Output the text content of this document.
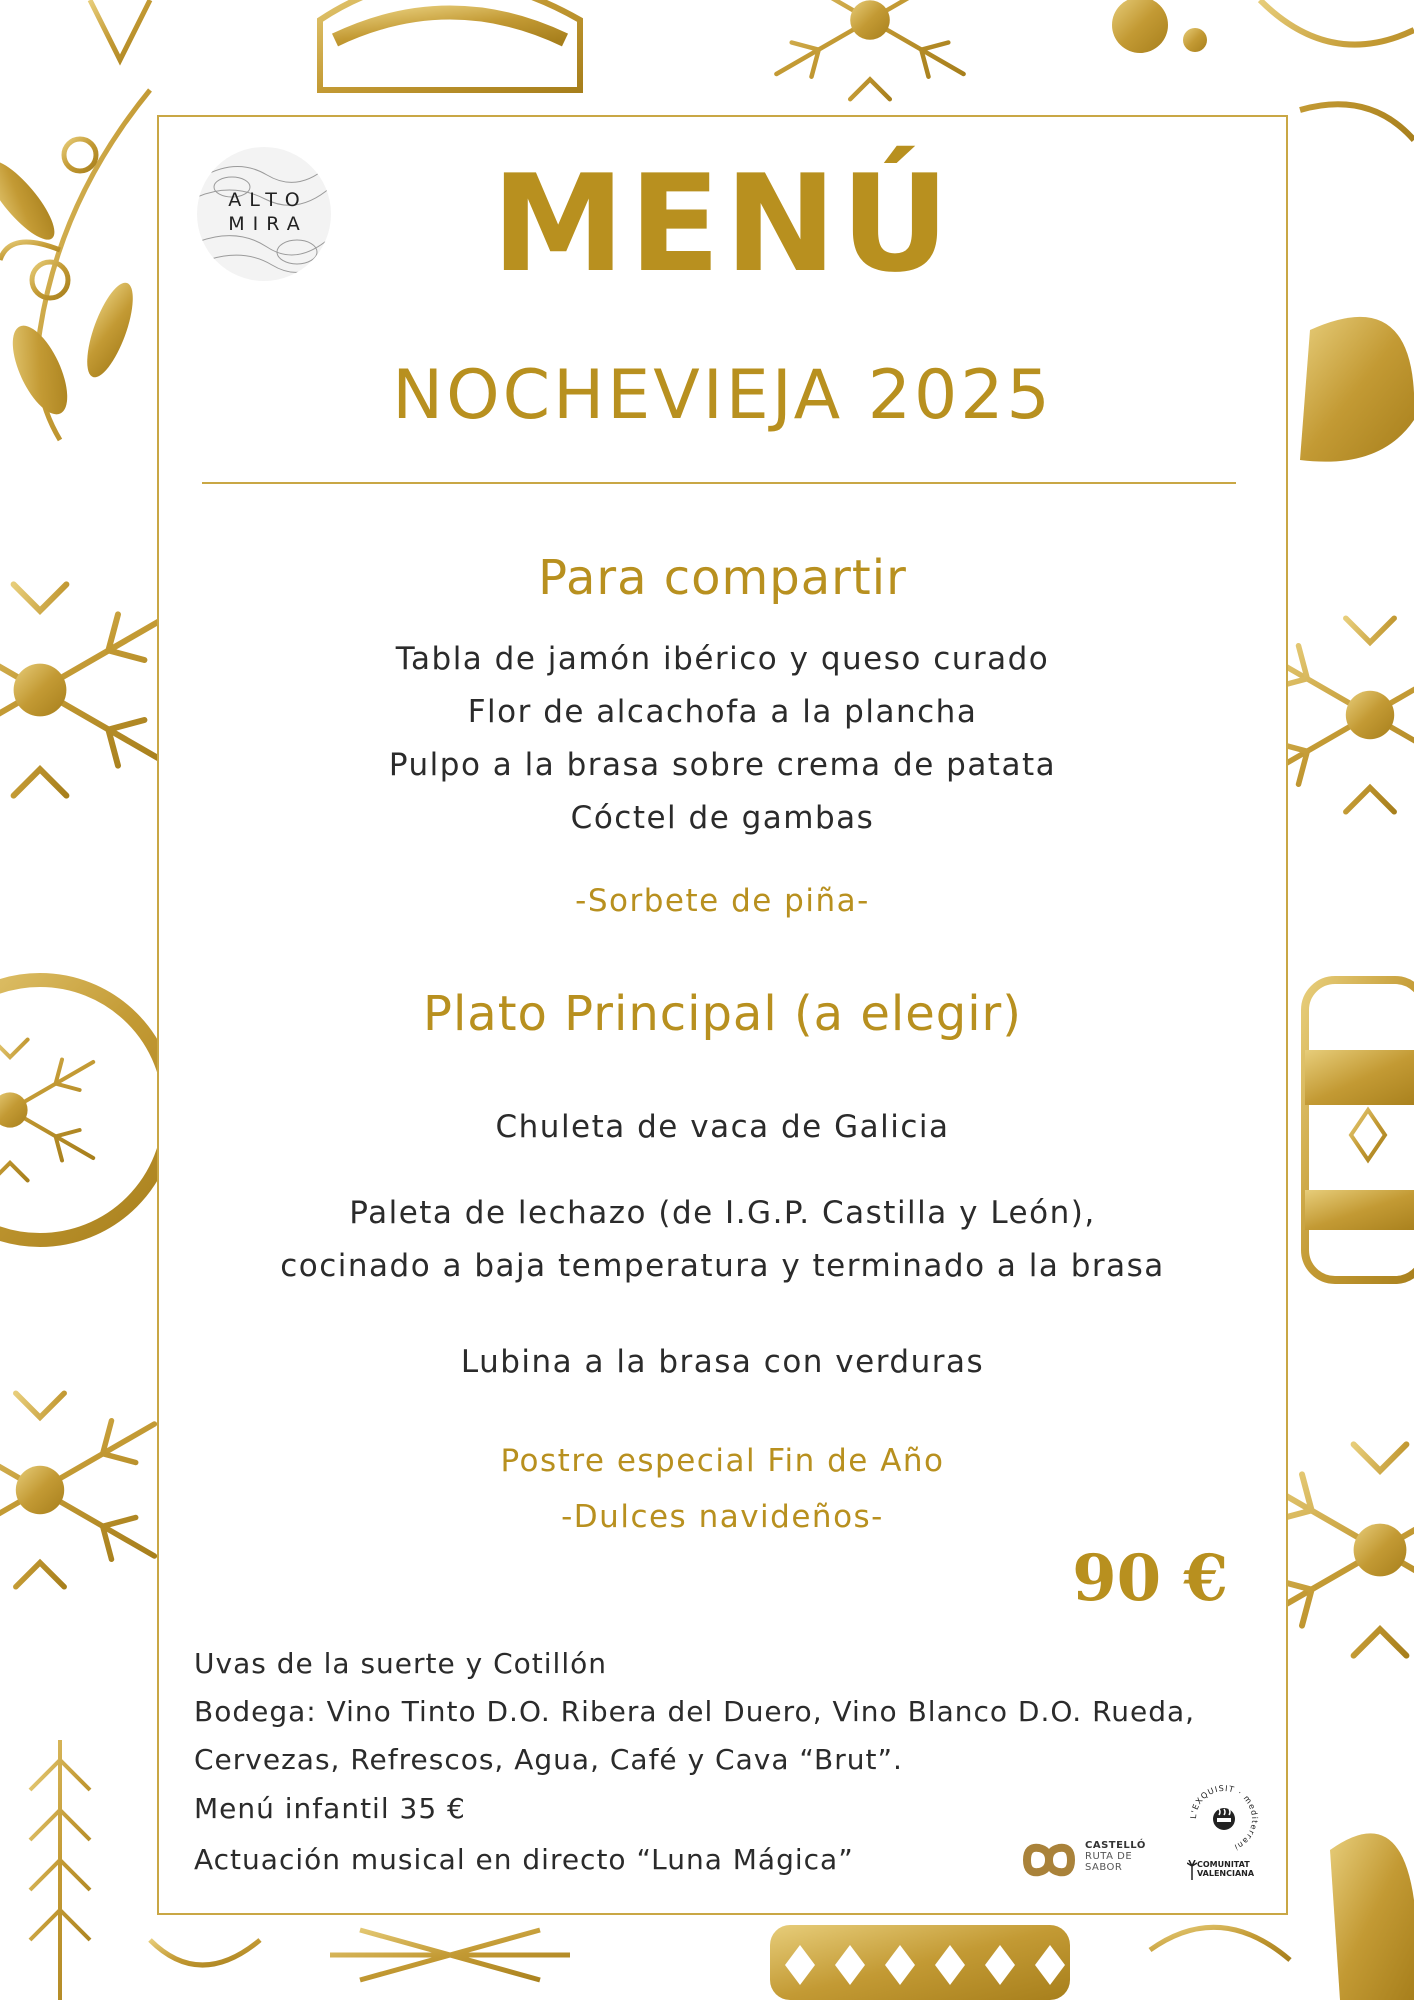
ALTO
MIRA	MENÚ
NOCHEVIEJA 2025
Para compartir
Tabla de jamón ibérico y queso curado
Flor de alcachofa a la plancha
Pulpo a la brasa sobre crema de patata
Cóctel de gambas
-Sorbete de piña-
Plato Principal (a elegir)
Chuleta de vaca de Galicia
Paleta de lechazo (de I.G.P. Castilla y León),
cocinado a baja temperatura y terminado a la brasa
Lubina a la brasa con verduras
Postre especial Fin de Año
-Dulces navideños-
90 €
Uvas de la suerte y Cotillón
Bodega: Vino Tinto D.O. Ribera del Duero, Vino Blanco D.O. Rueda,
Cervezas, Refrescos, Agua, Café y Cava “Brut”.
Menú infantil 35 €
Actuación musical en directo “Luna Mágica”	CASTELLÓ
RUTA DE
SABOR
L'EXQUISIT · mediterrani
COMUNITAT
VALENCIANA
